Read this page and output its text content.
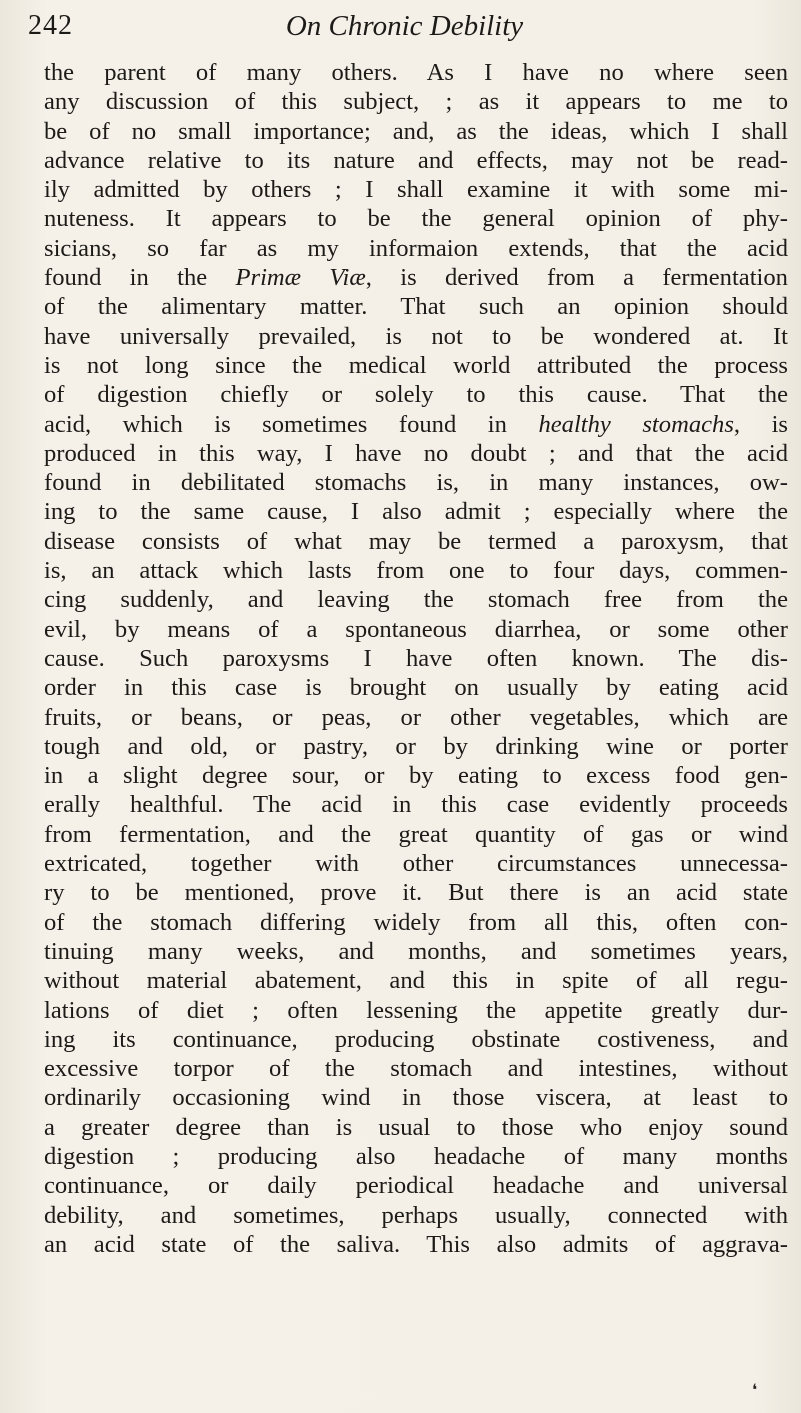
242	On Chronic Debility
the parent of many others. As I have no where seen
any discussion of this subject, ; as it appears to me to
be of no small importance; and, as the ideas, which I shall
advance relative to its nature and effects, may not be read-
ily admitted by others ; I shall examine it with some mi-
nuteness. It appears to be the general opinion of phy-
sicians, so far as my informaion extends, that the acid
found in the Primæ Viæ, is derived from a fermentation
of the alimentary matter. That such an opinion should
have universally prevailed, is not to be wondered at. It
is not long since the medical world attributed the process
of digestion chiefly or solely to this cause. That the
acid, which is sometimes found in healthy stomachs, is
produced in this way, I have no doubt ; and that the acid
found in debilitated stomachs is, in many instances, ow-
ing to the same cause, I also admit ; especially where the
disease consists of what may be termed a paroxysm, that
is, an attack which lasts from one to four days, commen-
cing suddenly, and leaving the stomach free from the
evil, by means of a spontaneous diarrhea, or some other
cause. Such paroxysms I have often known. The dis-
order in this case is brought on usually by eating acid
fruits, or beans, or peas, or other vegetables, which are
tough and old, or pastry, or by drinking wine or porter
in a slight degree sour, or by eating to excess food gen-
erally healthful. The acid in this case evidently proceeds
from fermentation, and the great quantity of gas or wind
extricated, together with other circumstances unnecessa-
ry to be mentioned, prove it. But there is an acid state
of the stomach differing widely from all this, often con-
tinuing many weeks, and months, and sometimes years,
without material abatement, and this in spite of all regu-
lations of diet ; often lessening the appetite greatly dur-
ing its continuance, producing obstinate costiveness, and
excessive torpor of the stomach and intestines, without
ordinarily occasioning wind in those viscera, at least to
a greater degree than is usual to those who enjoy sound
digestion ; producing also headache of many months
continuance, or daily periodical headache and universal
debility, and sometimes, perhaps usually, connected with
an acid state of the saliva. This also admits of aggrava-
❛
